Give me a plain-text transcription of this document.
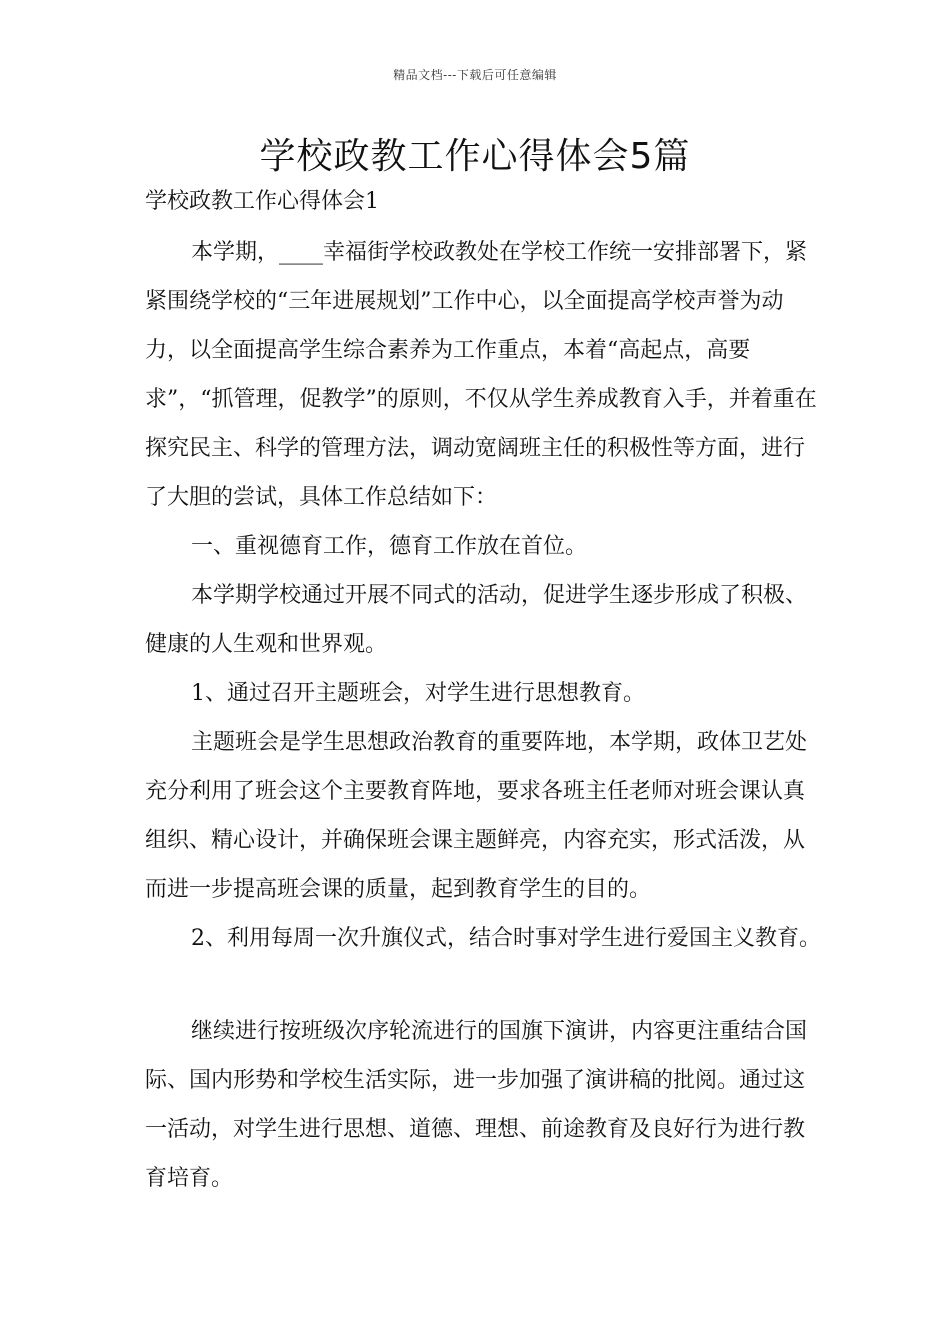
精品文档---下载后可任意编辑
学校政教工作心得体会5篇

学校政教工作心得体会1

本学期，____幸福街学校政教处在学校工作统一安排部署下，紧紧围绕学校的“三年进展规划”工作中心，以全面提高学校声誉为动力，以全面提高学生综合素养为工作重点，本着“高起点，高要求”，“抓管理，促教学”的原则，不仅从学生养成教育入手，并着重在探究民主、科学的管理方法，调动宽阔班主任的积极性等方面，进行了大胆的尝试，具体工作总结如下：

一、重视德育工作，德育工作放在首位。

本学期学校通过开展不同式的活动，促进学生逐步形成了积极、健康的人生观和世界观。

1、通过召开主题班会，对学生进行思想教育。

主题班会是学生思想政治教育的重要阵地，本学期，政体卫艺处充分利用了班会这个主要教育阵地，要求各班主任老师对班会课认真组织、精心设计，并确保班会课主题鲜亮，内容充实，形式活泼，从而进一步提高班会课的质量，起到教育学生的目的。

2、利用每周一次升旗仪式，结合时事对学生进行爱国主义教育。

继续进行按班级次序轮流进行的国旗下演讲，内容更注重结合国际、国内形势和学校生活实际，进一步加强了演讲稿的批阅。通过这一活动，对学生进行思想、道德、理想、前途教育及良好行为进行教育培育。
